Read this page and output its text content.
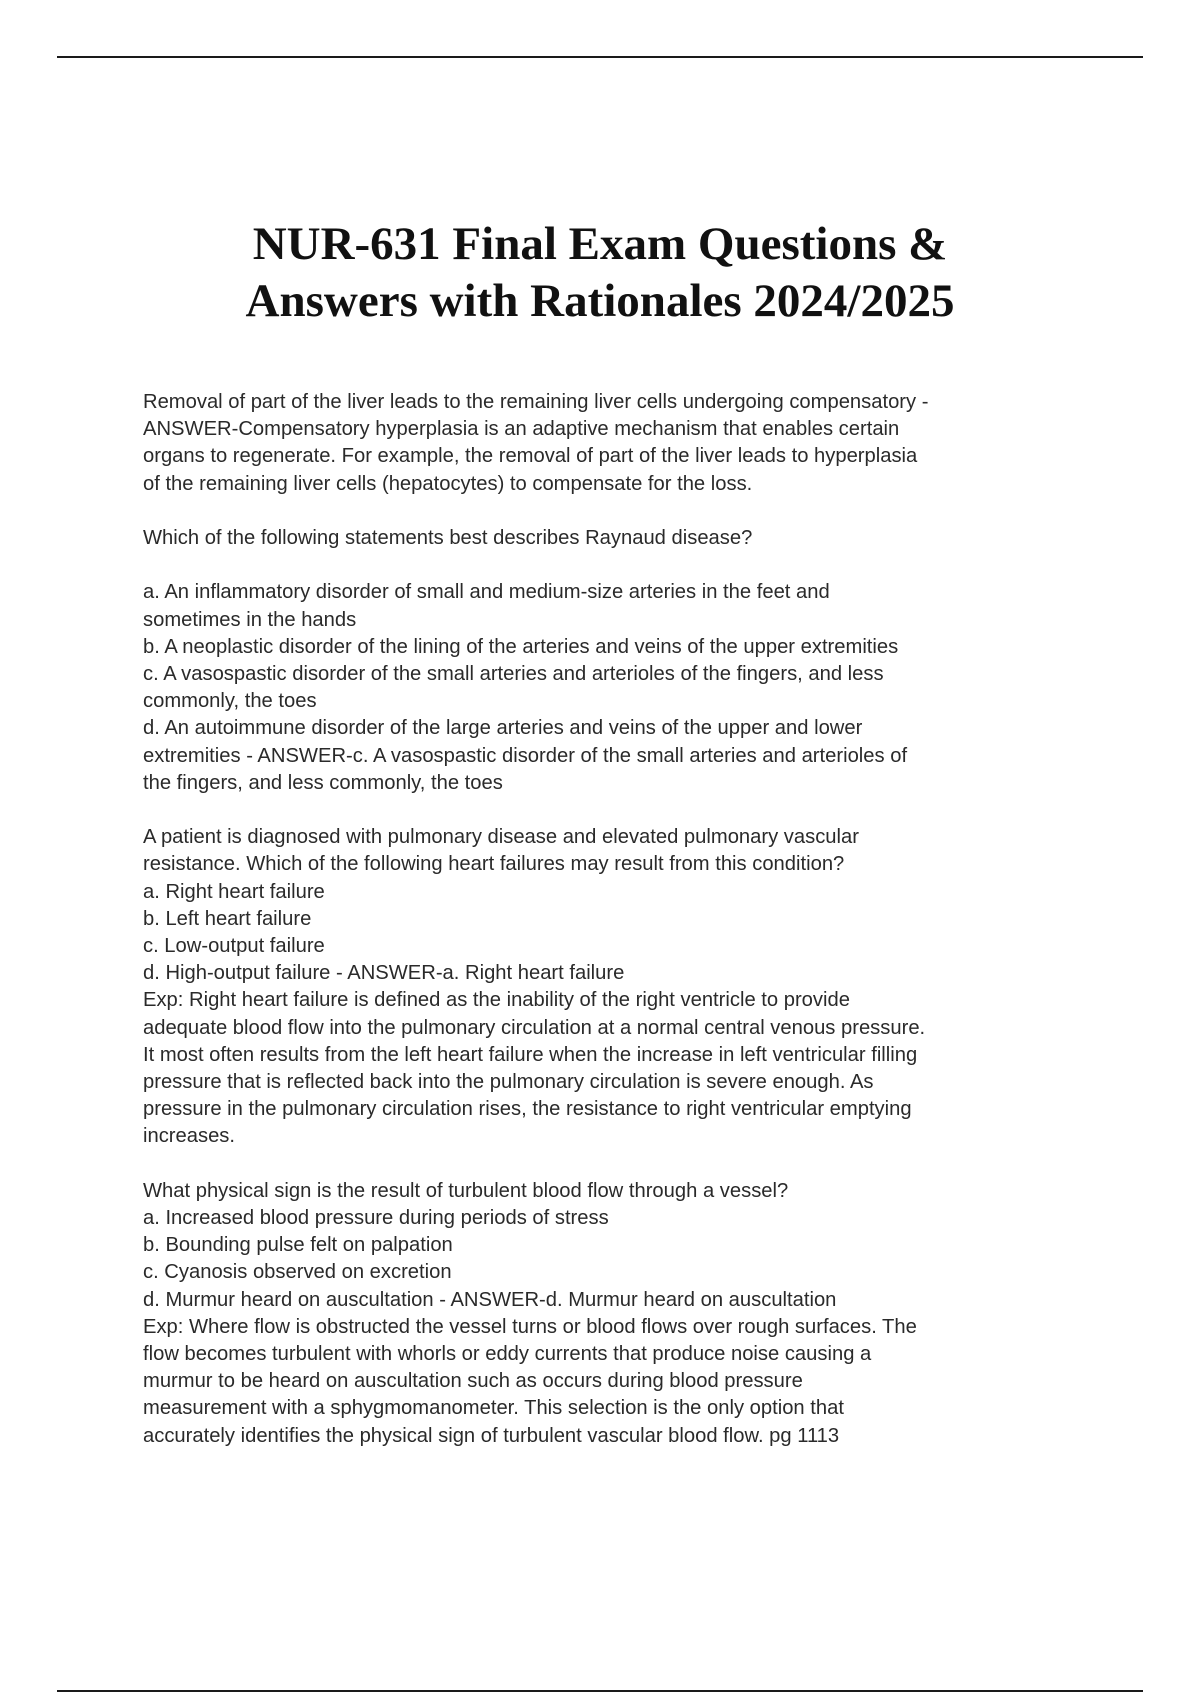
NUR-631 Final Exam Questions &
Answers with Rationales 2024/2025
Removal of part of the liver leads to the remaining liver cells undergoing compensatory -
ANSWER-Compensatory hyperplasia is an adaptive mechanism that enables certain
organs to regenerate. For example, the removal of part of the liver leads to hyperplasia
of the remaining liver cells (hepatocytes) to compensate for the loss.
Which of the following statements best describes Raynaud disease?
a. An inflammatory disorder of small and medium-size arteries in the feet and
sometimes in the hands
b. A neoplastic disorder of the lining of the arteries and veins of the upper extremities
c. A vasospastic disorder of the small arteries and arterioles of the fingers, and less
commonly, the toes
d. An autoimmune disorder of the large arteries and veins of the upper and lower
extremities - ANSWER-c. A vasospastic disorder of the small arteries and arterioles of
the fingers, and less commonly, the toes
A patient is diagnosed with pulmonary disease and elevated pulmonary vascular
resistance. Which of the following heart failures may result from this condition?
a. Right heart failure
b. Left heart failure
c. Low-output failure
d. High-output failure - ANSWER-a. Right heart failure
Exp: Right heart failure is defined as the inability of the right ventricle to provide
adequate blood flow into the pulmonary circulation at a normal central venous pressure.
It most often results from the left heart failure when the increase in left ventricular filling
pressure that is reflected back into the pulmonary circulation is severe enough. As
pressure in the pulmonary circulation rises, the resistance to right ventricular emptying
increases.
What physical sign is the result of turbulent blood flow through a vessel?
a. Increased blood pressure during periods of stress
b. Bounding pulse felt on palpation
c. Cyanosis observed on excretion
d. Murmur heard on auscultation - ANSWER-d. Murmur heard on auscultation
Exp: Where flow is obstructed the vessel turns or blood flows over rough surfaces. The
flow becomes turbulent with whorls or eddy currents that produce noise causing a
murmur to be heard on auscultation such as occurs during blood pressure
measurement with a sphygmomanometer. This selection is the only option that
accurately identifies the physical sign of turbulent vascular blood flow. pg 1113
